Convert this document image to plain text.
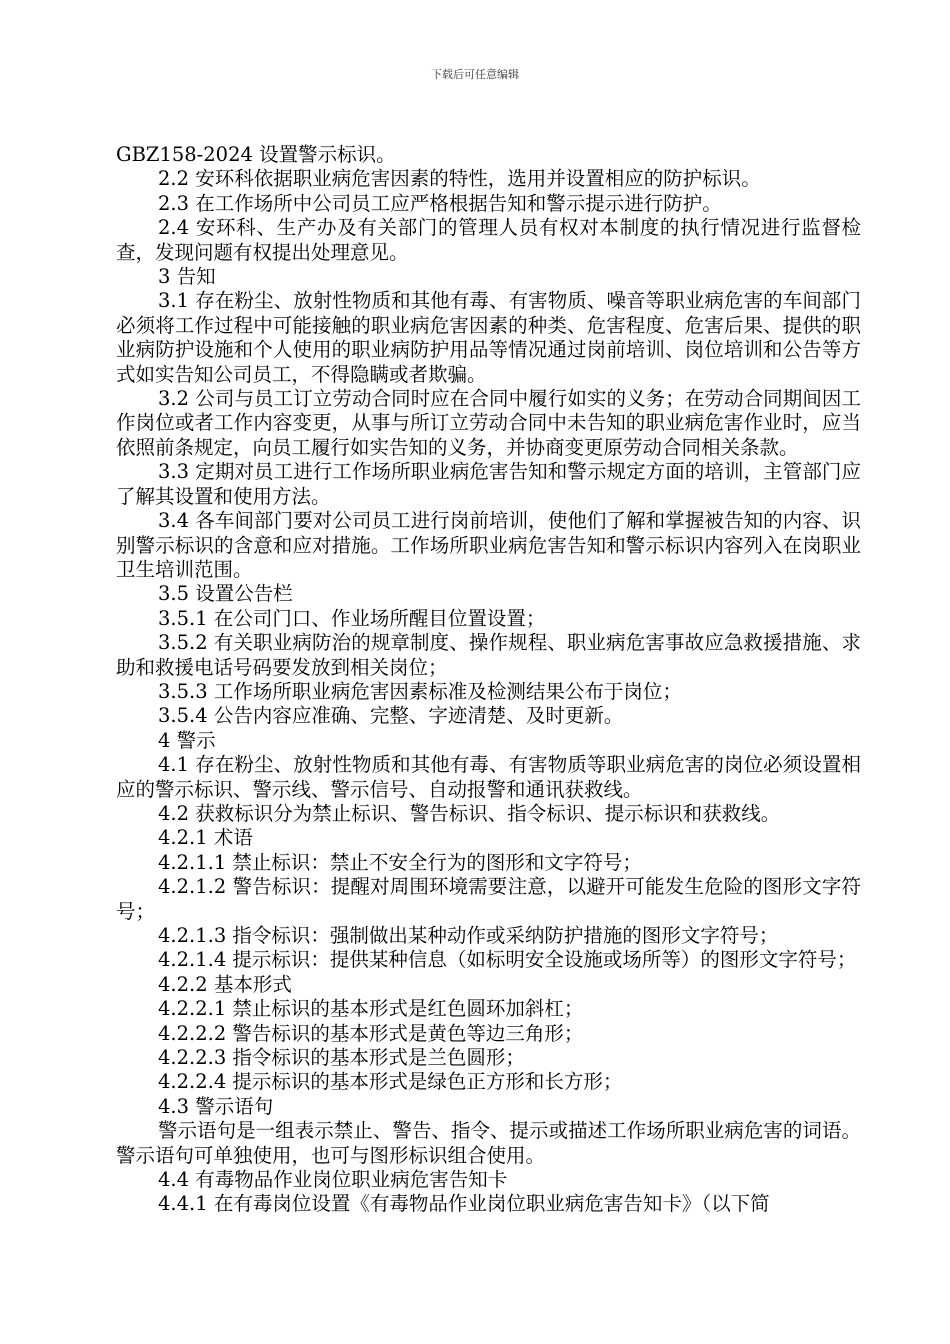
下载后可任意编辑

GBZ158-2024 设置警示标识。

2.2 安环科依据职业病危害因素的特性，选用并设置相应的防护标识。

2.3 在工作场所中公司员工应严格根据告知和警示提示进行防护。

2.4 安环科、生产办及有关部门的管理人员有权对本制度的执行情况进行监督检查，发现问题有权提出处理意见。

3 告知

3.1 存在粉尘、放射性物质和其他有毒、有害物质、噪音等职业病危害的车间部门必须将工作过程中可能接触的职业病危害因素的种类、危害程度、危害后果、提供的职业病防护设施和个人使用的职业病防护用品等情况通过岗前培训、岗位培训和公告等方式如实告知公司员工，不得隐瞒或者欺骗。

3.2 公司与员工订立劳动合同时应在合同中履行如实的义务；在劳动合同期间因工作岗位或者工作内容变更，从事与所订立劳动合同中未告知的职业病危害作业时，应当依照前条规定，向员工履行如实告知的义务，并协商变更原劳动合同相关条款。

3.3 定期对员工进行工作场所职业病危害告知和警示规定方面的培训，主管部门应了解其设置和使用方法。

3.4 各车间部门要对公司员工进行岗前培训，使他们了解和掌握被告知的内容、识别警示标识的含意和应对措施。工作场所职业病危害告知和警示标识内容列入在岗职业卫生培训范围。

3.5 设置公告栏

3.5.1 在公司门口、作业场所醒目位置设置；

3.5.2 有关职业病防治的规章制度、操作规程、职业病危害事故应急救援措施、求助和救援电话号码要发放到相关岗位；

3.5.3 工作场所职业病危害因素标准及检测结果公布于岗位；

3.5.4 公告内容应准确、完整、字迹清楚、及时更新。

4 警示

4.1 存在粉尘、放射性物质和其他有毒、有害物质等职业病危害的岗位必须设置相应的警示标识、警示线、警示信号、自动报警和通讯获救线。

4.2 获救标识分为禁止标识、警告标识、指令标识、提示标识和获救线。

4.2.1 术语

4.2.1.1 禁止标识：禁止不安全行为的图形和文字符号；

4.2.1.2 警告标识：提醒对周围环境需要注意，以避开可能发生危险的图形文字符号；

4.2.1.3 指令标识：强制做出某种动作或采纳防护措施的图形文字符号；

4.2.1.4 提示标识：提供某种信息（如标明安全设施或场所等）的图形文字符号；

4.2.2 基本形式

4.2.2.1 禁止标识的基本形式是红色圆环加斜杠；

4.2.2.2 警告标识的基本形式是黄色等边三角形；

4.2.2.3 指令标识的基本形式是兰色圆形；

4.2.2.4 提示标识的基本形式是绿色正方形和长方形；

4.3 警示语句

警示语句是一组表示禁止、警告、指令、提示或描述工作场所职业病危害的词语。警示语句可单独使用，也可与图形标识组合使用。

4.4 有毒物品作业岗位职业病危害告知卡

4.4.1 在有毒岗位设置《有毒物品作业岗位职业病危害告知卡》（以下简
